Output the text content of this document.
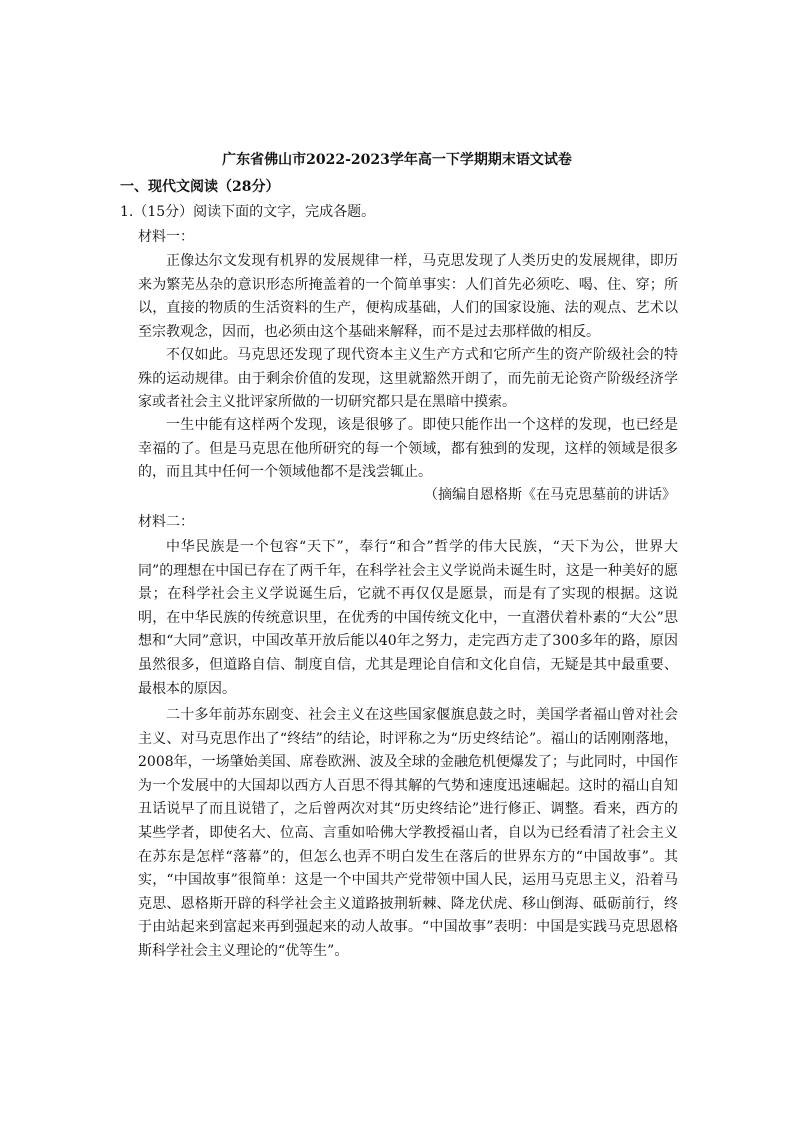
广东省佛山市2022-2023学年高一下学期期末语文试卷
一、现代文阅读（28分）
1.（15分）阅读下面的文字，完成各题。
材料一：
正像达尔文发现有机界的发展规律一样，马克思发现了人类历史的发展规律，即历来为繁芜丛杂的意识形态所掩盖着的一个简单事实：人们首先必须吃、喝、住、穿；所以，直接的物质的生活资料的生产，便构成基础，人们的国家设施、法的观点、艺术以至宗教观念，因而，也必须由这个基础来解释，而不是过去那样做的相反。
不仅如此。马克思还发现了现代资本主义生产方式和它所产生的资产阶级社会的特殊的运动规律。由于剩余价值的发现，这里就豁然开朗了，而先前无论资产阶级经济学家或者社会主义批评家所做的一切研究都只是在黑暗中摸索。
一生中能有这样两个发现，该是很够了。即使只能作出一个这样的发现，也已经是幸福的了。但是马克思在他所研究的每一个领域，都有独到的发现，这样的领域是很多的，而且其中任何一个领域他都不是浅尝辄止。
（摘编自恩格斯《在马克思墓前的讲话》
材料二：
中华民族是一个包容“天下”，奉行“和合”哲学的伟大民族，“天下为公，世界大同”的理想在中国已存在了两千年，在科学社会主义学说尚未诞生时，这是一种美好的愿景；在科学社会主义学说诞生后，它就不再仅仅是愿景，而是有了实现的根据。这说明，在中华民族的传统意识里，在优秀的中国传统文化中，一直潜伏着朴素的“大公”思想和“大同”意识，中国改革开放后能以40年之努力，走完西方走了300多年的路，原因虽然很多，但道路自信、制度自信，尤其是理论自信和文化自信，无疑是其中最重要、最根本的原因。
二十多年前苏东剧变、社会主义在这些国家偃旗息鼓之时，美国学者福山曾对社会主义、对马克思作出了“终结”的结论，时评称之为“历史终结论”。福山的话刚刚落地，2008年，一场肇始美国、席卷欧洲、波及全球的金融危机便爆发了；与此同时，中国作为一个发展中的大国却以西方人百思不得其解的气势和速度迅速崛起。这时的福山自知丑话说早了而且说错了，之后曾两次对其“历史终结论”进行修正、调整。看来，西方的某些学者，即使名大、位高、言重如哈佛大学教授福山者，自以为已经看清了社会主义在苏东是怎样“落幕”的，但怎么也弄不明白发生在落后的世界东方的“中国故事”。其实，“中国故事”很简单：这是一个中国共产党带领中国人民，运用马克思主义，沿着马克思、恩格斯开辟的科学社会主义道路披荆斩棘、降龙伏虎、移山倒海、砥砺前行，终于由站起来到富起来再到强起来的动人故事。“中国故事”表明：中国是实践马克思恩格斯科学社会主义理论的“优等生”。
